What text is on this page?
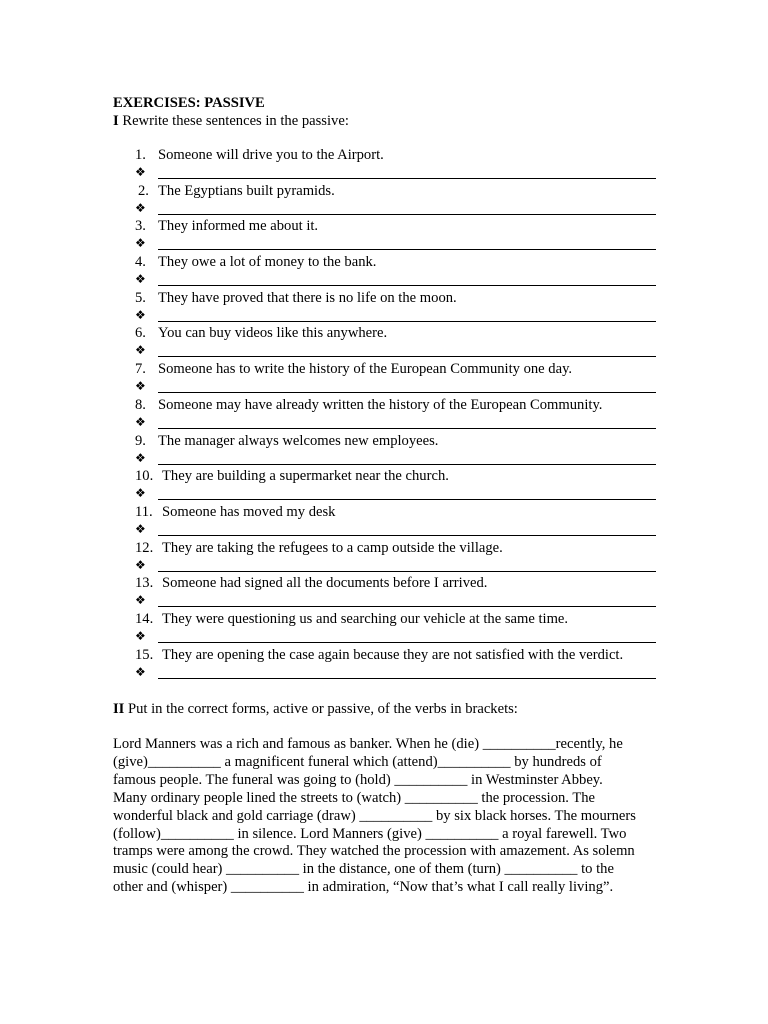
EXERCISES: PASSIVE
I Rewrite these sentences in the passive:
1. Someone will drive you to the Airport.
❖
2. The Egyptians built pyramids.
❖
3. They informed me about it.
❖
4. They owe a lot of money to the bank.
❖
5. They have proved that there is no life on the moon.
❖
6. You can buy videos like this anywhere.
❖
7. Someone has to write the history of the European Community one day.
❖
8. Someone may have already written the history of the European Community.
❖
9. The manager always welcomes new employees.
❖
10. They are building a supermarket near the church.
❖
11. Someone has moved my desk
❖
12. They are taking the refugees to a camp outside the village.
❖
13. Someone had signed all the documents before I arrived.
❖
14. They were questioning us and searching our vehicle at the same time.
❖
15. They are opening the case again because they are not satisfied with the verdict.
❖
II Put in the correct forms, active or passive, of the verbs in brackets:
Lord Manners was a rich and famous as banker. When he (die) __________recently, he
(give)__________ a magnificent funeral which (attend)__________ by hundreds of
famous people. The funeral was going to (hold) __________ in Westminster Abbey.
Many ordinary people lined the streets to (watch) __________ the procession. The
wonderful black and gold carriage (draw) __________ by six black horses. The mourners
(follow)__________ in silence. Lord Manners (give) __________ a royal farewell. Two
tramps were among the crowd. They watched the procession with amazement. As solemn
music (could hear) __________ in the distance, one of them (turn) __________ to the
other and (whisper) __________ in admiration, “Now that’s what I call really living”.
